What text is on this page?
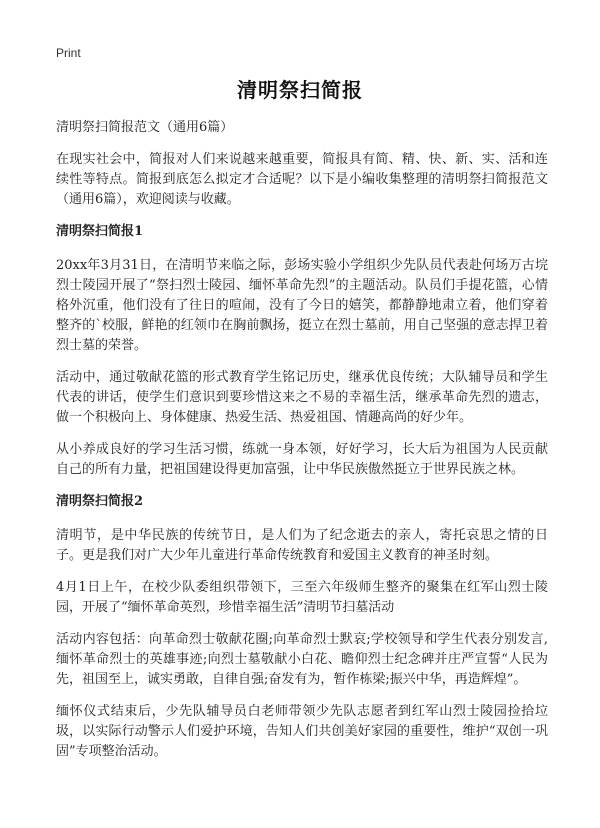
Print
清明祭扫简报

清明祭扫简报范文（通用6篇）

在现实社会中，简报对人们来说越来越重要，简报具有简、精、快、新、实、活和连续性等特点。简报到底怎么拟定才合适呢？以下是小编收集整理的清明祭扫简报范文（通用6篇），欢迎阅读与收藏。

清明祭扫简报1

20xx年3月31日，在清明节来临之际，彭场实验小学组织少先队员代表赴何场万古垸烈士陵园开展了“祭扫烈士陵园、缅怀革命先烈”的主题活动。队员们手提花篮，心情格外沉重，他们没有了往日的喧闹，没有了今日的嬉笑，都静静地肃立着，他们穿着整齐的`校服，鲜艳的红领巾在胸前飘扬，挺立在烈士墓前，用自己坚强的意志捍卫着烈士墓的荣誉。

活动中，通过敬献花篮的形式教育学生铭记历史，继承优良传统；大队辅导员和学生代表的讲话，使学生们意识到要珍惜这来之不易的幸福生活，继承革命先烈的遗志，做一个积极向上、身体健康、热爱生活、热爱祖国、情趣高尚的好少年。

从小养成良好的学习生活习惯，练就一身本领，好好学习，长大后为祖国为人民贡献自己的所有力量，把祖国建设得更加富强，让中华民族傲然挺立于世界民族之林。

清明祭扫简报2

清明节，是中华民族的传统节日，是人们为了纪念逝去的亲人，寄托哀思之情的日子。更是我们对广大少年儿童进行革命传统教育和爱国主义教育的神圣时刻。

4月1日上午，在校少队委组织带领下，三至六年级师生整齐的聚集在红军山烈士陵园，开展了“缅怀革命英烈，珍惜幸福生活”清明节扫墓活动

活动内容包括：向革命烈士敬献花圈;向革命烈士默哀;学校领导和学生代表分别发言,缅怀革命烈士的英雄事迹;向烈士墓敬献小白花、瞻仰烈士纪念碑并庄严宣誓“人民为先，祖国至上，诚实勇敢，自律自强;奋发有为，暂作栋梁;振兴中华，再造辉煌”。

缅怀仪式结束后，少先队辅导员白老师带领少先队志愿者到红军山烈士陵园捡拾垃圾，以实际行动警示人们爱护环境，告知人们共创美好家园的重要性，维护“双创一巩固”专项整治活动。
